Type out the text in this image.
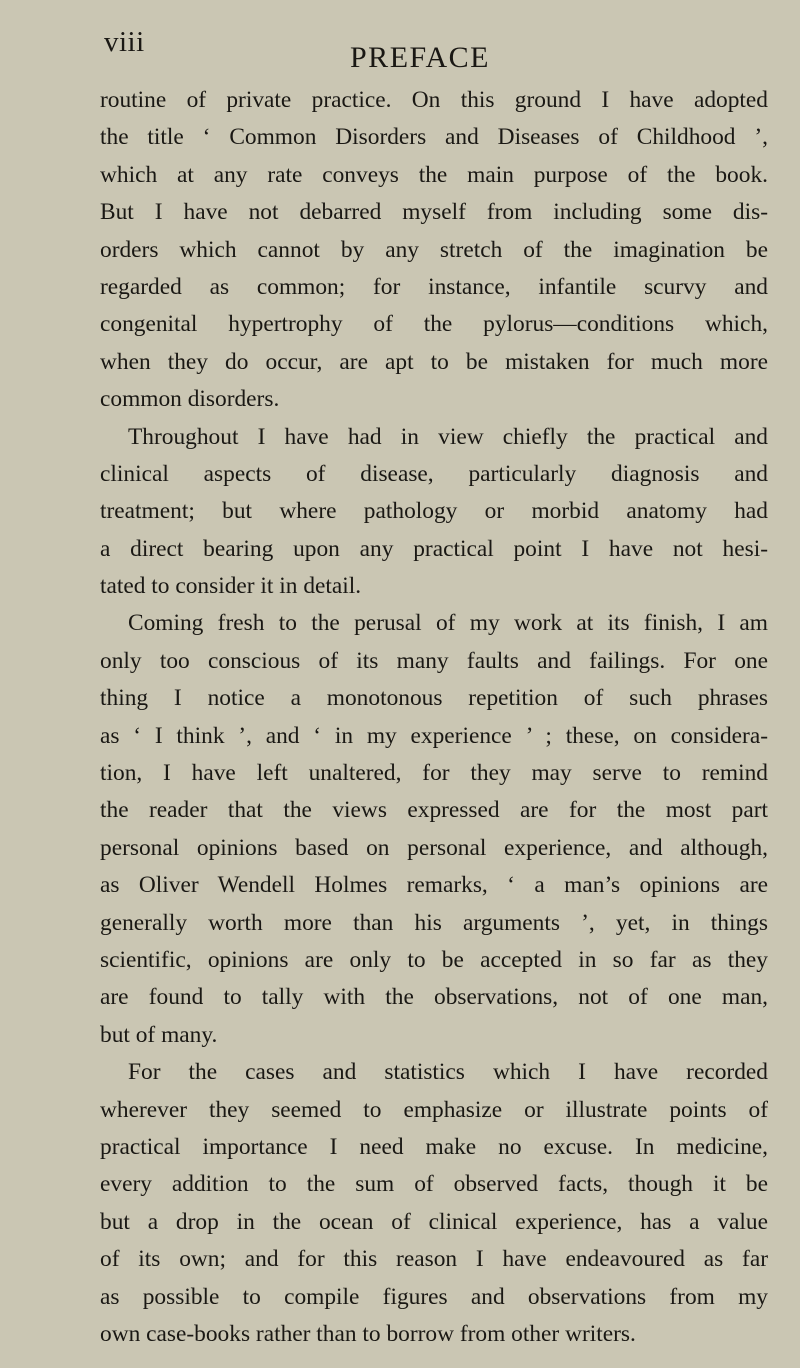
viii	PREFACE
routine of private practice. On this ground I have adopted
the title ‘ Common Disorders and Diseases of Childhood ’,
which at any rate conveys the main purpose of the book.
But I have not debarred myself from including some dis-
orders which cannot by any stretch of the imagination be
regarded as common; for instance, infantile scurvy and
congenital hypertrophy of the pylorus—conditions which,
when they do occur, are apt to be mistaken for much more
common disorders.
Throughout I have had in view chiefly the practical and
clinical aspects of disease, particularly diagnosis and
treatment; but where pathology or morbid anatomy had
a direct bearing upon any practical point I have not hesi-
tated to consider it in detail.
Coming fresh to the perusal of my work at its finish, I am
only too conscious of its many faults and failings. For one
thing I notice a monotonous repetition of such phrases
as ‘ I think ’, and ‘ in my experience ’ ; these, on considera-
tion, I have left unaltered, for they may serve to remind
the reader that the views expressed are for the most part
personal opinions based on personal experience, and although,
as Oliver Wendell Holmes remarks, ‘ a man’s opinions are
generally worth more than his arguments ’, yet, in things
scientific, opinions are only to be accepted in so far as they
are found to tally with the observations, not of one man,
but of many.
For the cases and statistics which I have recorded
wherever they seemed to emphasize or illustrate points of
practical importance I need make no excuse. In medicine,
every addition to the sum of observed facts, though it be
but a drop in the ocean of clinical experience, has a value
of its own; and for this reason I have endeavoured as far
as possible to compile figures and observations from my
own case-books rather than to borrow from other writers.
